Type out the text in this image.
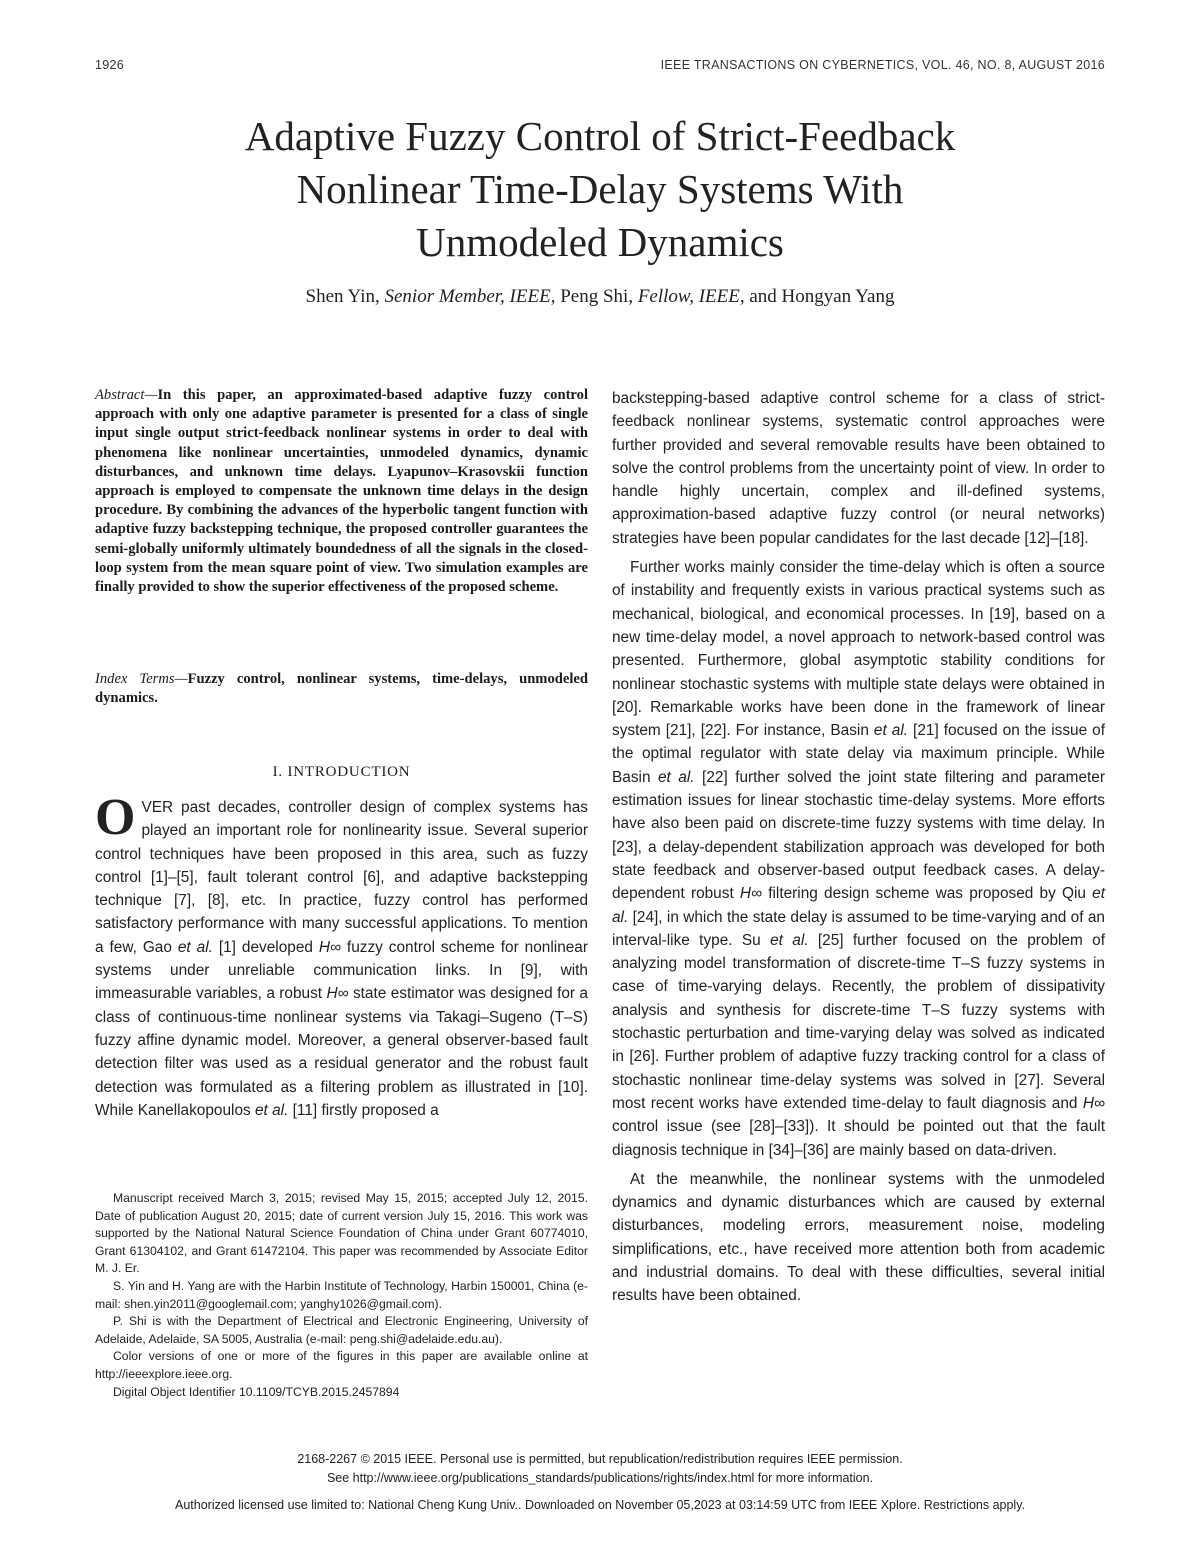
1926	IEEE TRANSACTIONS ON CYBERNETICS, VOL. 46, NO. 8, AUGUST 2016
Adaptive Fuzzy Control of Strict-Feedback
Nonlinear Time-Delay Systems With
Unmodeled Dynamics
Shen Yin, Senior Member, IEEE, Peng Shi, Fellow, IEEE, and Hongyan Yang
Abstract—In this paper, an approximated-based adaptive fuzzy control approach with only one adaptive parameter is presented for a class of single input single output strict-feedback nonlinear systems in order to deal with phenomena like nonlinear uncertainties, unmodeled dynamics, dynamic disturbances, and unknown time delays. Lyapunov–Krasovskii function approach is employed to compensate the unknown time delays in the design procedure. By combining the advances of the hyperbolic tangent function with adaptive fuzzy backstepping technique, the proposed controller guarantees the semi-globally uniformly ultimately boundedness of all the signals in the closed-loop system from the mean square point of view. Two simulation examples are finally provided to show the superior effectiveness of the proposed scheme.
Index Terms—Fuzzy control, nonlinear systems, time-delays, unmodeled dynamics.
I. INTRODUCTION

OVER past decades, controller design of complex systems has played an important role for nonlinearity issue. Several superior control techniques have been proposed in this area, such as fuzzy control [1]–[5], fault tolerant control [6], and adaptive backstepping technique [7], [8], etc. In practice, fuzzy control has performed satisfactory performance with many successful applications. To mention a few, Gao et al. [1] developed H∞ fuzzy control scheme for nonlinear systems under unreliable communication links. In [9], with immeasurable variables, a robust H∞ state estimator was designed for a class of continuous-time nonlinear systems via Takagi–Sugeno (T–S) fuzzy affine dynamic model. Moreover, a general observer-based fault detection filter was used as a residual generator and the robust fault detection was formulated as a filtering problem as illustrated in [10]. While Kanellakopoulos et al. [11] firstly proposed a

Manuscript received March 3, 2015; revised May 15, 2015; accepted July 12, 2015. Date of publication August 20, 2015; date of current version July 15, 2016. This work was supported by the National Natural Science Foundation of China under Grant 60774010, Grant 61304102, and Grant 61472104. This paper was recommended by Associate Editor M. J. Er.

S. Yin and H. Yang are with the Harbin Institute of Technology, Harbin 150001, China (e-mail: shen.yin2011@googlemail.com; yanghy1026@gmail.com).

P. Shi is with the Department of Electrical and Electronic Engineering, University of Adelaide, Adelaide, SA 5005, Australia (e-mail: peng.shi@adelaide.edu.au).

Color versions of one or more of the figures in this paper are available online at http://ieeexplore.ieee.org.

Digital Object Identifier 10.1109/TCYB.2015.2457894

backstepping-based adaptive control scheme for a class of strict-feedback nonlinear systems, systematic control approaches were further provided and several removable results have been obtained to solve the control problems from the uncertainty point of view. In order to handle highly uncertain, complex and ill-defined systems, approximation-based adaptive fuzzy control (or neural networks) strategies have been popular candidates for the last decade [12]–[18].

Further works mainly consider the time-delay which is often a source of instability and frequently exists in various practical systems such as mechanical, biological, and economical processes. In [19], based on a new time-delay model, a novel approach to network-based control was presented. Furthermore, global asymptotic stability conditions for nonlinear stochastic systems with multiple state delays were obtained in [20]. Remarkable works have been done in the framework of linear system [21], [22]. For instance, Basin et al. [21] focused on the issue of the optimal regulator with state delay via maximum principle. While Basin et al. [22] further solved the joint state filtering and parameter estimation issues for linear stochastic time-delay systems. More efforts have also been paid on discrete-time fuzzy systems with time delay. In [23], a delay-dependent stabilization approach was developed for both state feedback and observer-based output feedback cases. A delay-dependent robust H∞ filtering design scheme was proposed by Qiu et al. [24], in which the state delay is assumed to be time-varying and of an interval-like type. Su et al. [25] further focused on the problem of analyzing model transformation of discrete-time T–S fuzzy systems in case of time-varying delays. Recently, the problem of dissipativity analysis and synthesis for discrete-time T–S fuzzy systems with stochastic perturbation and time-varying delay was solved as indicated in [26]. Further problem of adaptive fuzzy tracking control for a class of stochastic nonlinear time-delay systems was solved in [27]. Several most recent works have extended time-delay to fault diagnosis and H∞ control issue (see [28]–[33]). It should be pointed out that the fault diagnosis technique in [34]–[36] are mainly based on data-driven.

At the meanwhile, the nonlinear systems with the unmodeled dynamics and dynamic disturbances which are caused by external disturbances, modeling errors, measurement noise, modeling simplifications, etc., have received more attention both from academic and industrial domains. To deal with these difficulties, several initial results have been obtained.

2168-2267 © 2015 IEEE. Personal use is permitted, but republication/redistribution requires IEEE permission.
See http://www.ieee.org/publications_standards/publications/rights/index.html for more information.
Authorized licensed use limited to: National Cheng Kung Univ.. Downloaded on November 05,2023 at 03:14:59 UTC from IEEE Xplore. Restrictions apply.
